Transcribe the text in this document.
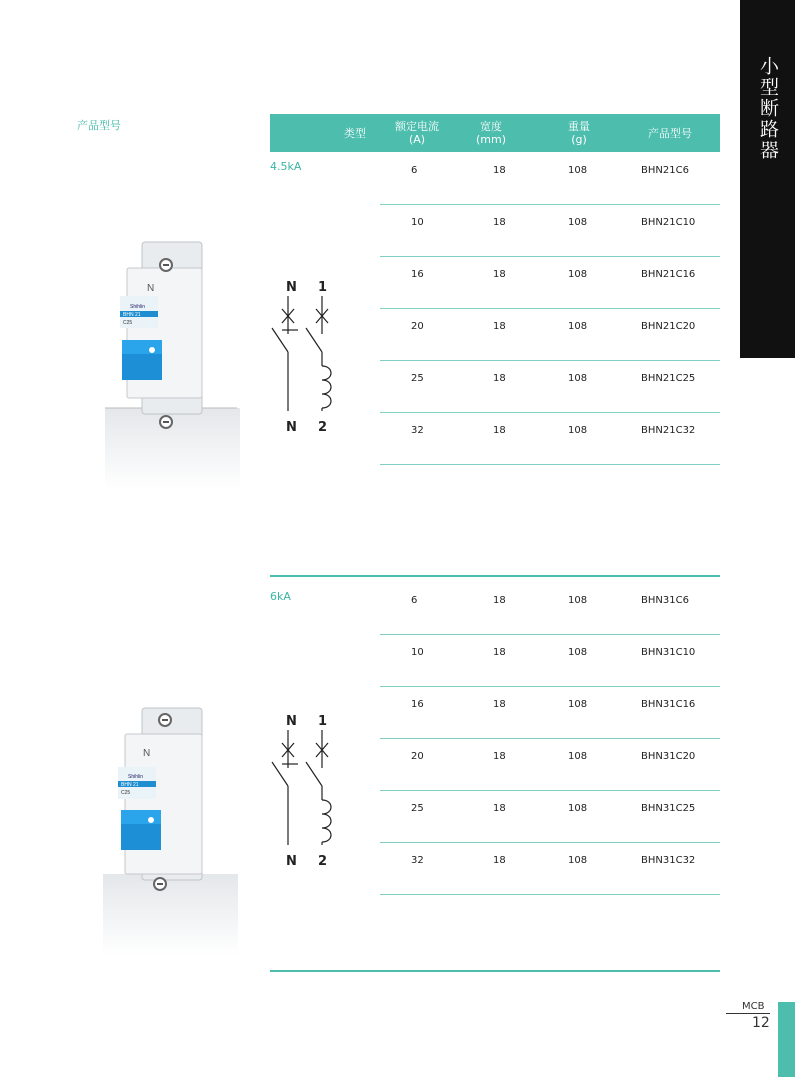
小型断路器
产品型号
类型	额定电流
(A)
宽度
(mm)
重量
(g)	产品型号
4.5kA	6	18	108	BHN21C6
10	18	108	BHN21C10
16	18	108	BHN21C16
20	18	108	BHN21C20
25	18	108	BHN21C25
32	18	108	BHN21C32
N
Shihlin
BHN 21
C25
N 1
N 2
6kA	6	18	108	BHN31C6
10	18	108	BHN31C10
16	18	108	BHN31C16
20	18	108	BHN31C20
25	18	108	BHN31C25
32	18	108	BHN31C32
N
Shihlin
BHN 21
C25
N 1
N 2
MCB
12
